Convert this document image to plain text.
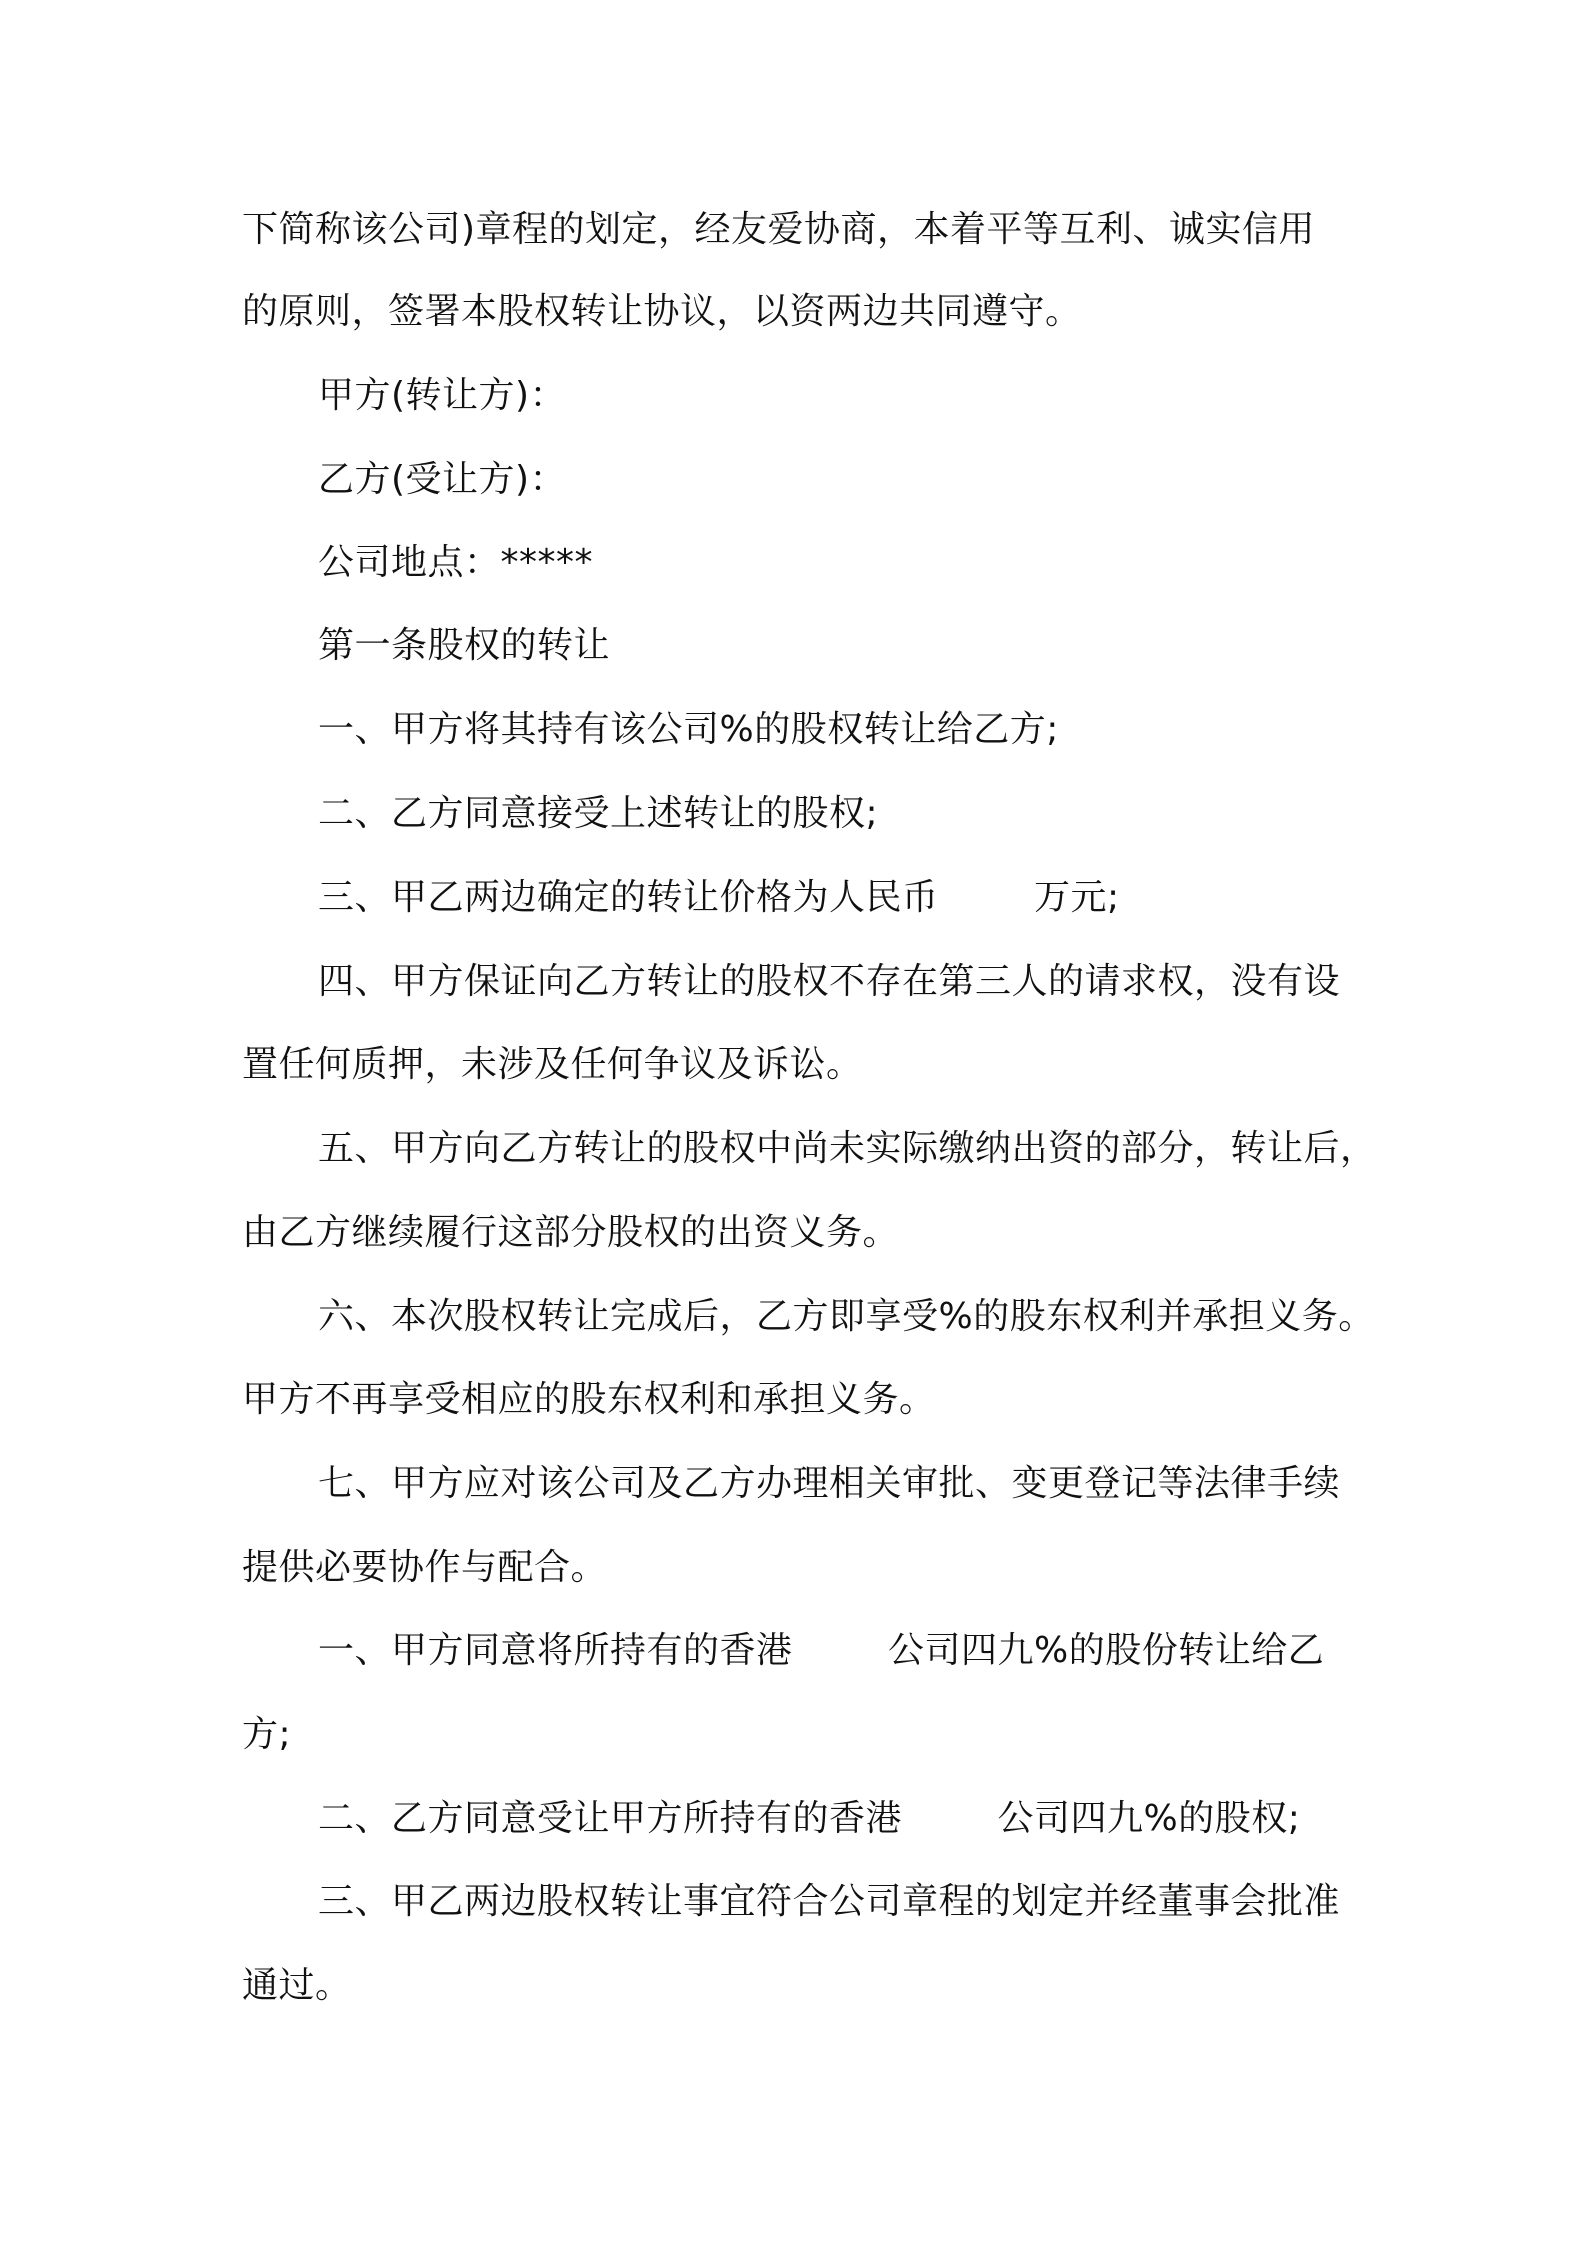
下简称该公司)章程的划定，经友爱协商，本着平等互利、诚实信用
的原则，签署本股权转让协议，以资两边共同遵守。
甲方(转让方)：
乙方(受让方)：
公司地点：*****
第一条股权的转让
一、甲方将其持有该公司%的股权转让给乙方;
二、乙方同意接受上述转让的股权;
三、甲乙两边确定的转让价格为人民币        万元;
四、甲方保证向乙方转让的股权不存在第三人的请求权，没有设
置任何质押，未涉及任何争议及诉讼。
五、甲方向乙方转让的股权中尚未实际缴纳出资的部分，转让后，
由乙方继续履行这部分股权的出资义务。
六、本次股权转让完成后，乙方即享受%的股东权利并承担义务。
甲方不再享受相应的股东权利和承担义务。
七、甲方应对该公司及乙方办理相关审批、变更登记等法律手续
提供必要协作与配合。
一、甲方同意将所持有的香港        公司四九%的股份转让给乙
方;
二、乙方同意受让甲方所持有的香港        公司四九%的股权;
三、甲乙两边股权转让事宜符合公司章程的划定并经董事会批准
通过。
